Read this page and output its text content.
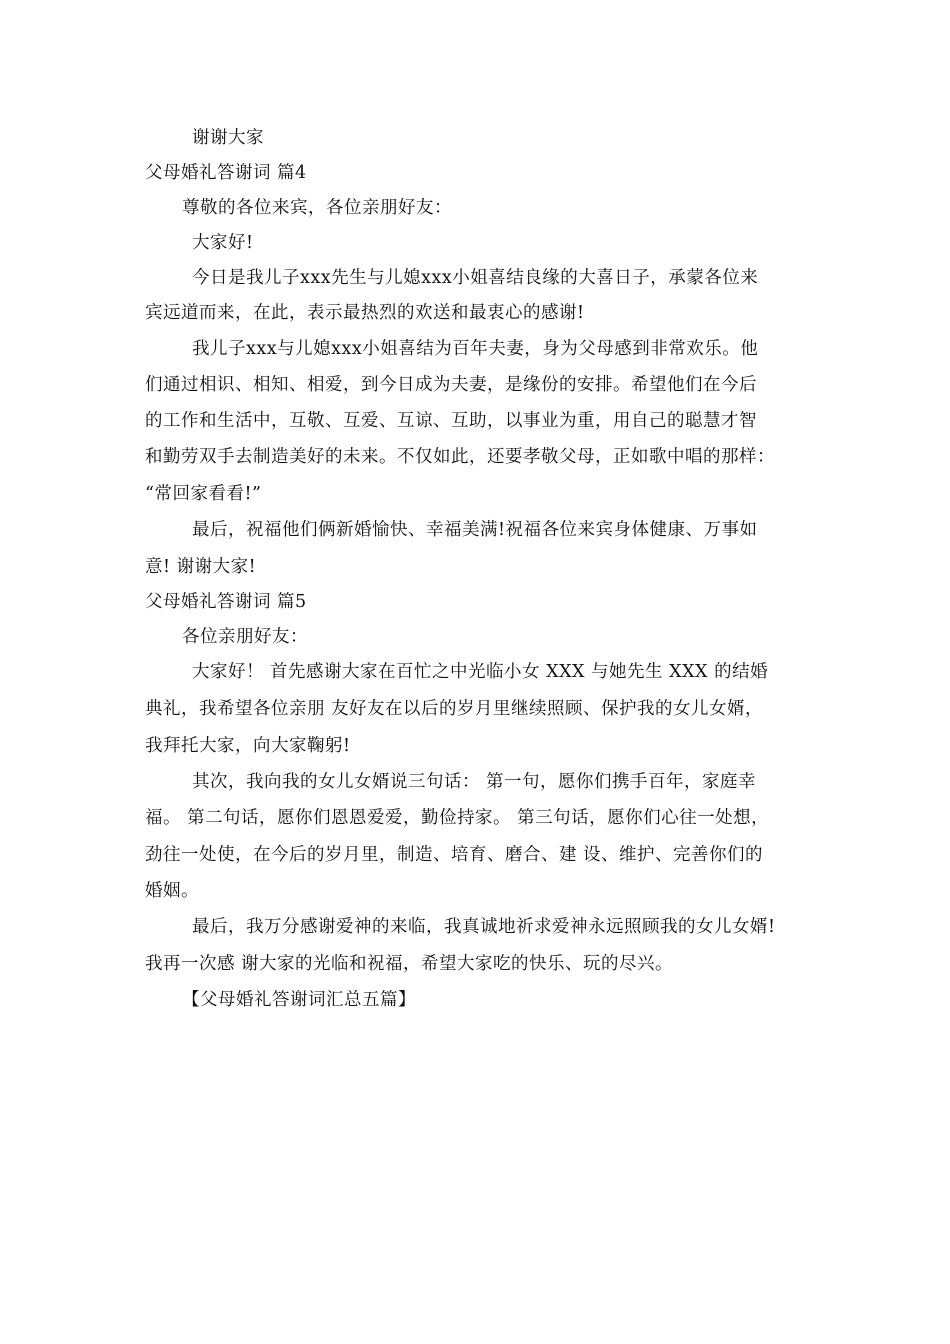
谢谢大家
父母婚礼答谢词 篇4
尊敬的各位来宾，各位亲朋好友：
大家好!
今日是我儿子xxx先生与儿媳xxx小姐喜结良缘的大喜日子，承蒙各位来
宾远道而来，在此，表示最热烈的欢送和最衷心的感谢!
我儿子xxx与儿媳xxx小姐喜结为百年夫妻，身为父母感到非常欢乐。他
们通过相识、相知、相爱，到今日成为夫妻，是缘份的安排。希望他们在今后
的工作和生活中，互敬、互爱、互谅、互助，以事业为重，用自己的聪慧才智
和勤劳双手去制造美好的未来。不仅如此，还要孝敬父母，正如歌中唱的那样：
“常回家看看!”
最后，祝福他们俩新婚愉快、幸福美满!祝福各位来宾身体健康、万事如
意! 谢谢大家!
父母婚礼答谢词 篇5
各位亲朋好友：
大家好！ 首先感谢大家在百忙之中光临小女 XXX 与她先生 XXX 的结婚
典礼，我希望各位亲朋 友好友在以后的岁月里继续照顾、保护我的女儿女婿，
我拜托大家，向大家鞠躬!
其次，我向我的女儿女婿说三句话： 第一句，愿你们携手百年，家庭幸
福。 第二句话，愿你们恩恩爱爱，勤俭持家。 第三句话，愿你们心往一处想，
劲往一处使，在今后的岁月里，制造、培育、磨合、建 设、维护、完善你们的
婚姻。
最后，我万分感谢爱神的来临，我真诚地祈求爱神永远照顾我的女儿女婿!
我再一次感 谢大家的光临和祝福，希望大家吃的快乐、玩的尽兴。
【父母婚礼答谢词汇总五篇】
